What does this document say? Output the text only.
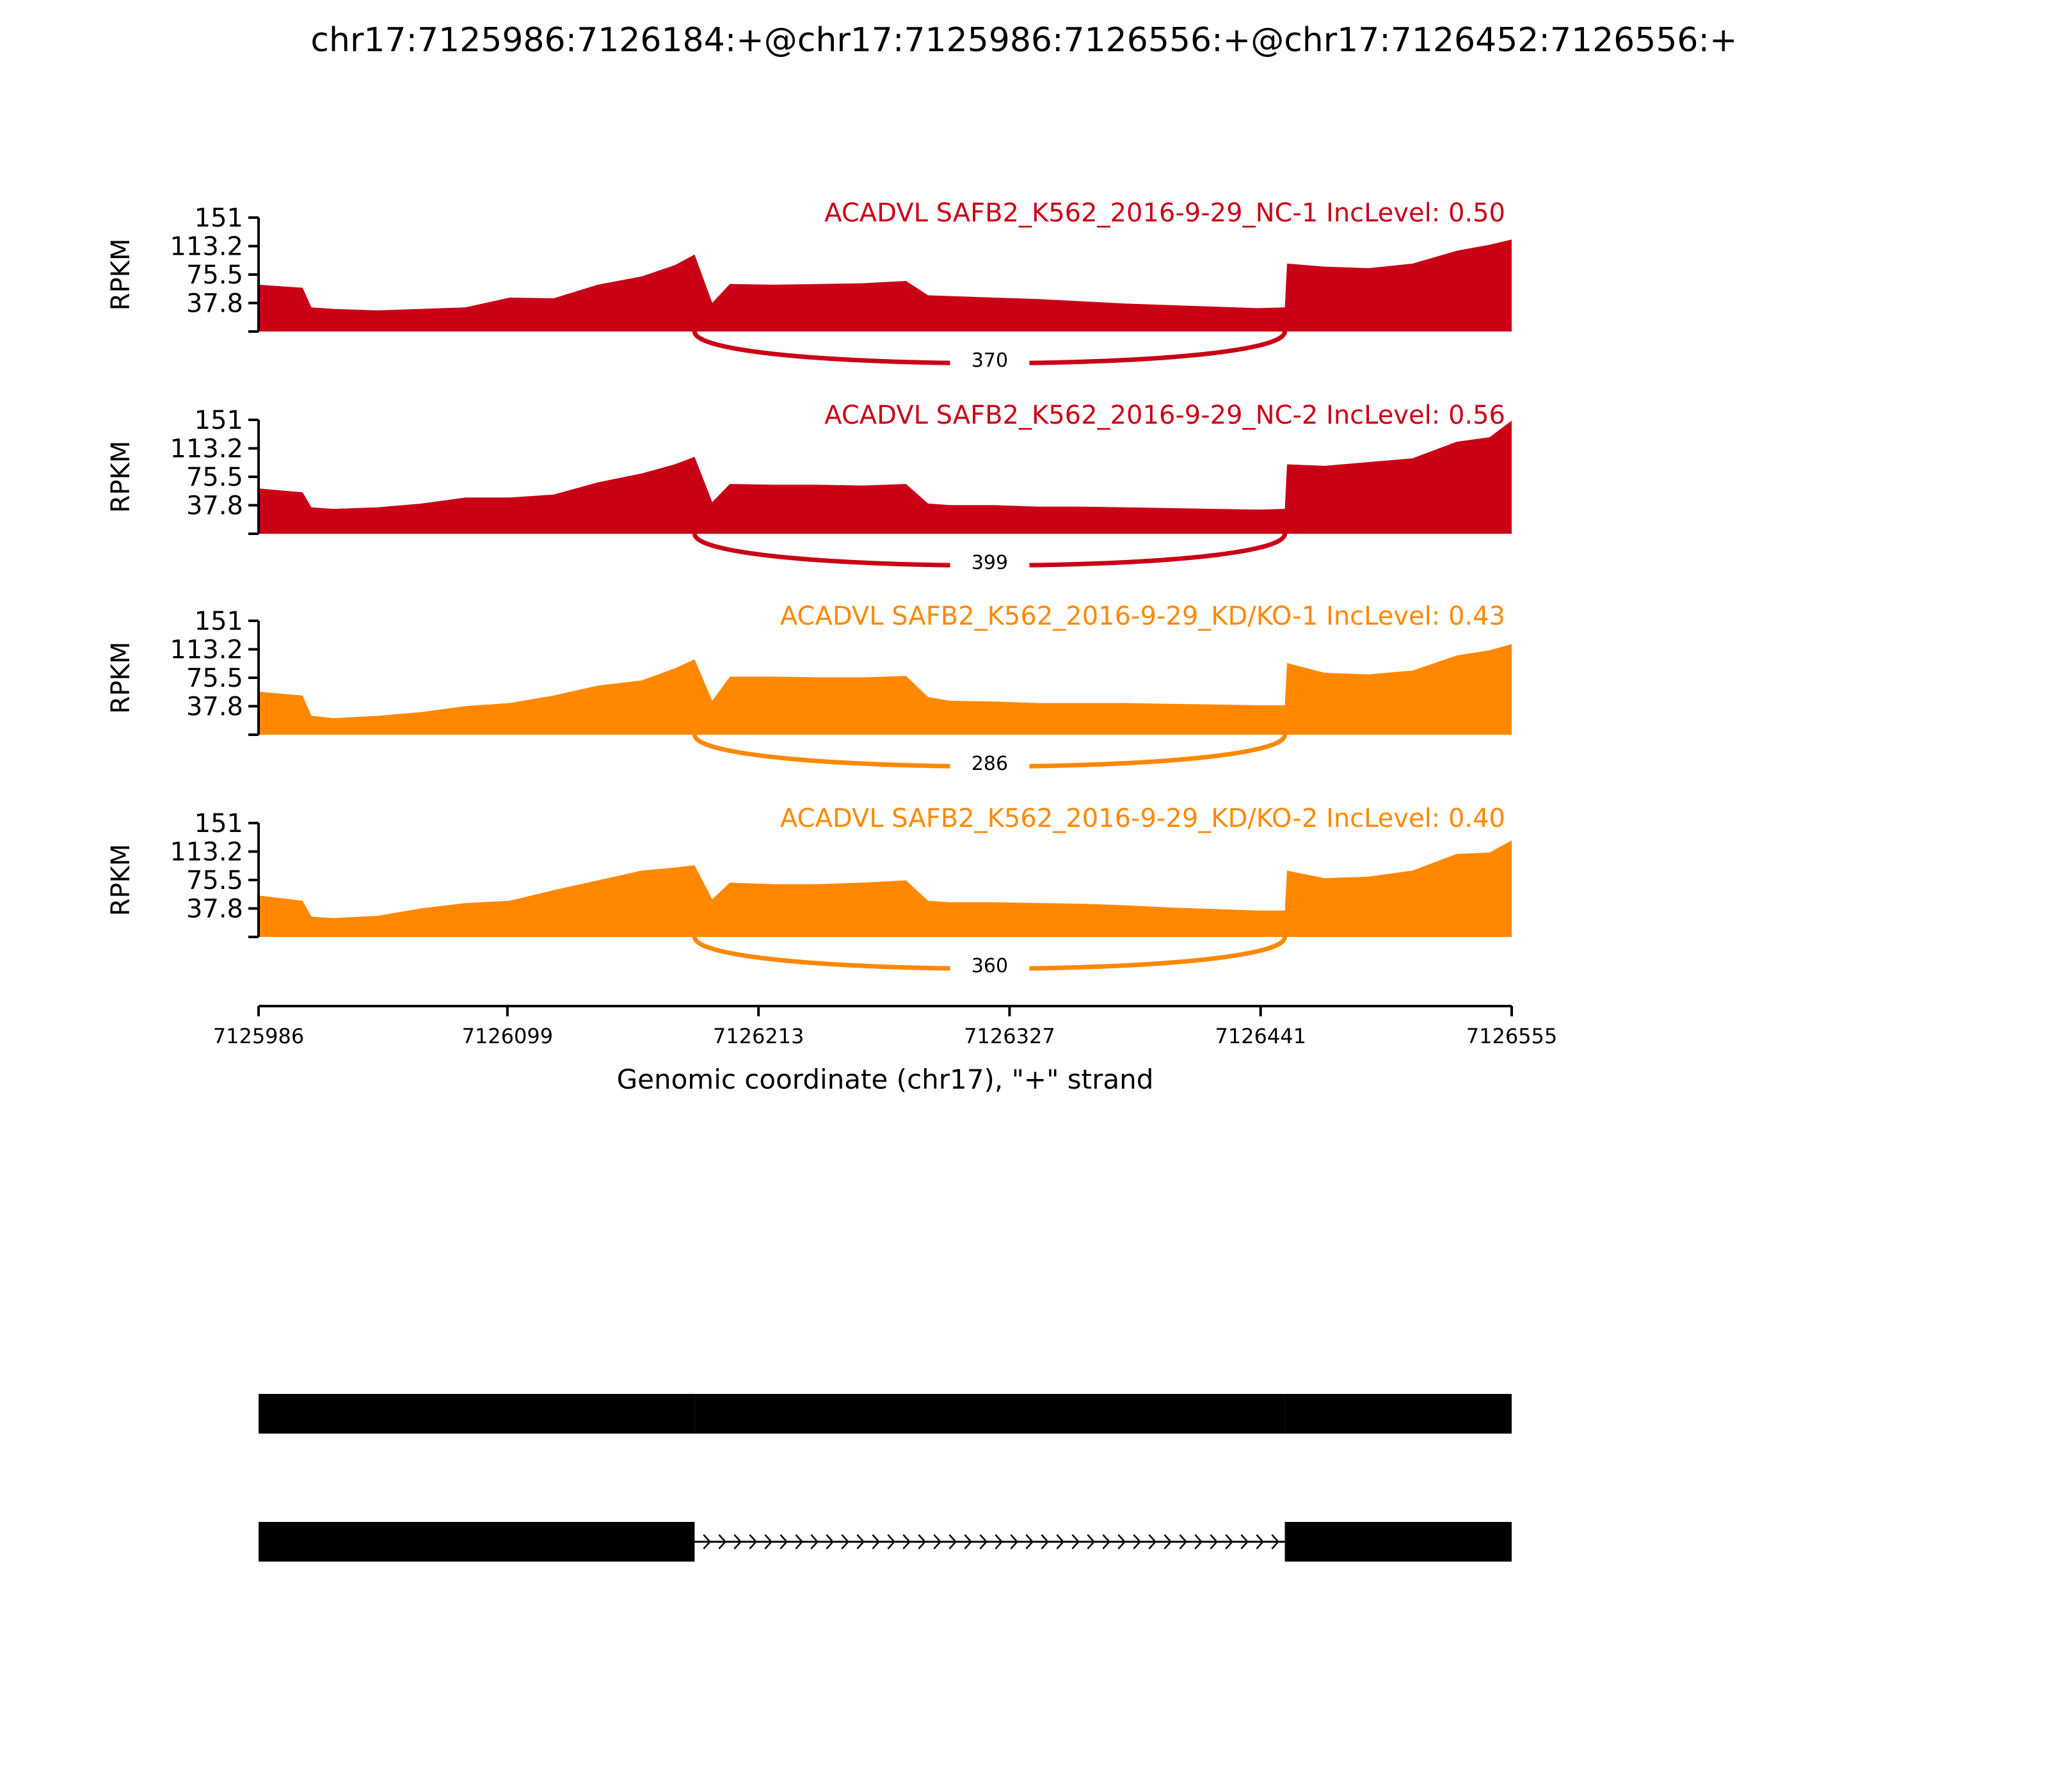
chr17:7125986:7126184:+@chr17:7125986:7126556:+@chr17:7126452:7126556:+
151
113.2
75.5
37.8
RPKM
ACADVL SAFB2_K562_2016-9-29_NC-1 IncLevel: 0.50
370
151
113.2
75.5
37.8
RPKM
ACADVL SAFB2_K562_2016-9-29_NC-2 IncLevel: 0.56
399
151
113.2
75.5
37.8
RPKM
ACADVL SAFB2_K562_2016-9-29_KD/KO-1 IncLevel: 0.43
286
151
113.2
75.5
37.8
RPKM
ACADVL SAFB2_K562_2016-9-29_KD/KO-2 IncLevel: 0.40
360
7125986	7126099	7126213	7126327	7126441	7126555
Genomic coordinate (chr17), "+" strand
